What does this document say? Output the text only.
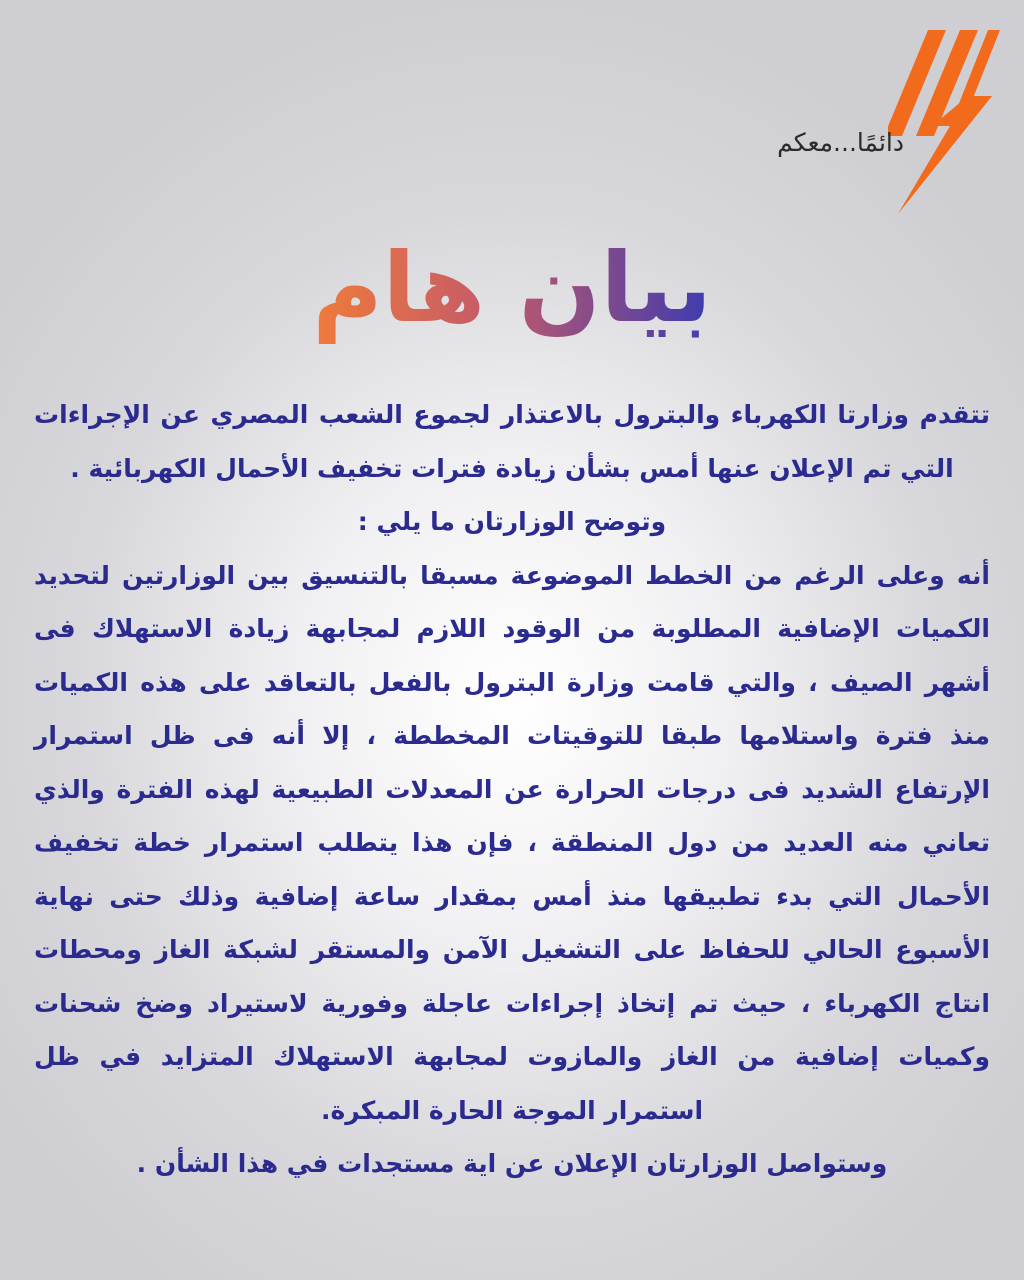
دائمًا...معكم
بيان هام

تتقدم وزارتا الكهرباء والبترول بالاعتذار لجموع الشعب المصري عن الإجراءات التي تم الإعلان عنها أمس بشأن زيادة فترات تخفيف الأحمال الكهربائية .

وتوضح الوزارتان ما يلي :

أنه وعلى الرغم من الخطط الموضوعة مسبقا بالتنسيق بين الوزارتين لتحديد الكميات الإضافية المطلوبة من الوقود اللازم لمجابهة زيادة الاستهلاك فى أشهر الصيف ، والتي قامت وزارة البترول بالفعل بالتعاقد على هذه الكميات منذ فترة واستلامها طبقا للتوقيتات المخططة ، إلا أنه فى ظل استمرار الإرتفاع الشديد فى درجات الحرارة عن المعدلات الطبيعية لهذه الفترة والذي تعاني منه العديد من دول المنطقة ، فإن هذا يتطلب استمرار خطة تخفيف الأحمال التي بدء تطبيقها منذ أمس بمقدار ساعة إضافية وذلك حتى نهاية الأسبوع الحالي للحفاظ على التشغيل الآمن والمستقر لشبكة الغاز ومحطات انتاج الكهرباء ، حيث تم إتخاذ إجراءات عاجلة وفورية لاستيراد وضخ شحنات وكميات إضافية من الغاز والمازوت لمجابهة الاستهلاك المتزايد في ظل استمرار الموجة الحارة المبكرة.

وستواصل الوزارتان الإعلان عن اية مستجدات في هذا الشأن .
